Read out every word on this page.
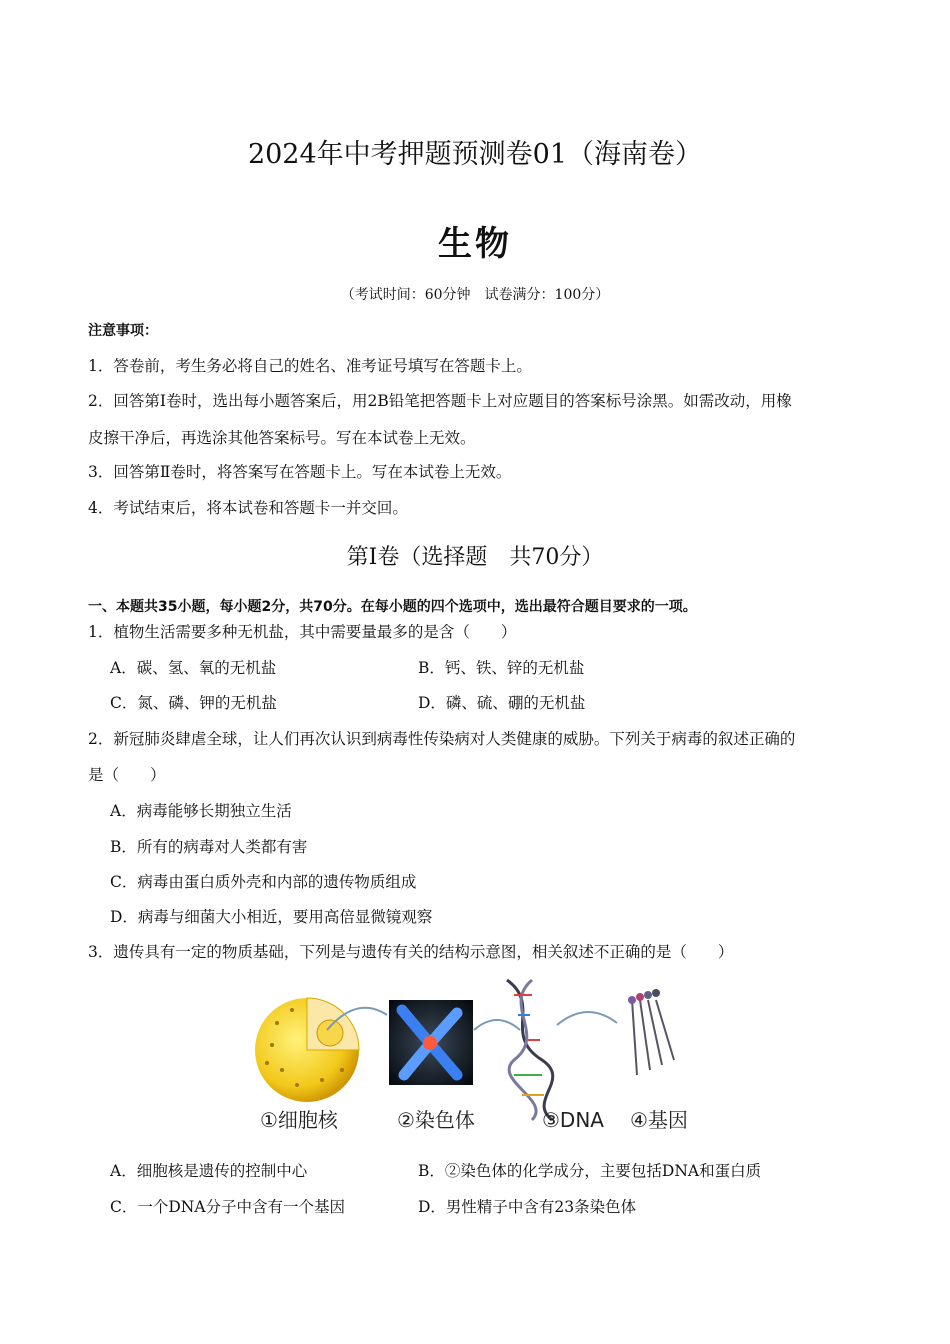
2024年中考押题预测卷01（海南卷）
生物
（考试时间：60分钟　试卷满分：100分）
注意事项：
1．答卷前，考生务必将自己的姓名、准考证号填写在答题卡上。
2．回答第Ⅰ卷时，选出每小题答案后，用2B铅笔把答题卡上对应题目的答案标号涂黑。如需改动，用橡
皮擦干净后，再选涂其他答案标号。写在本试卷上无效。
3．回答第Ⅱ卷时，将答案写在答题卡上。写在本试卷上无效。
4．考试结束后，将本试卷和答题卡一并交回。
第Ⅰ卷（选择题　共70分）
一、本题共35小题，每小题2分，共70分。在每小题的四个选项中，选出最符合题目要求的一项。
1．植物生活需要多种无机盐，其中需要量最多的是含（　　）
A．碳、氢、氧的无机盐	B．钙、铁、锌的无机盐
C．氮、磷、钾的无机盐	D．磷、硫、硼的无机盐
2．新冠肺炎肆虐全球，让人们再次认识到病毒性传染病对人类健康的威胁。下列关于病毒的叙述正确的
是（　　）
A．病毒能够长期独立生活
B．所有的病毒对人类都有害
C．病毒由蛋白质外壳和内部的遗传物质组成
D．病毒与细菌大小相近，要用高倍显微镜观察
3．遗传具有一定的物质基础，下列是与遗传有关的结构示意图，相关叙述不正确的是（　　）
①细胞核	②染色体	③DNA ④基因
A．细胞核是遗传的控制中心	B．②染色体的化学成分，主要包括DNA和蛋白质
C．一个DNA分子中含有一个基因	D．男性精子中含有23条染色体
